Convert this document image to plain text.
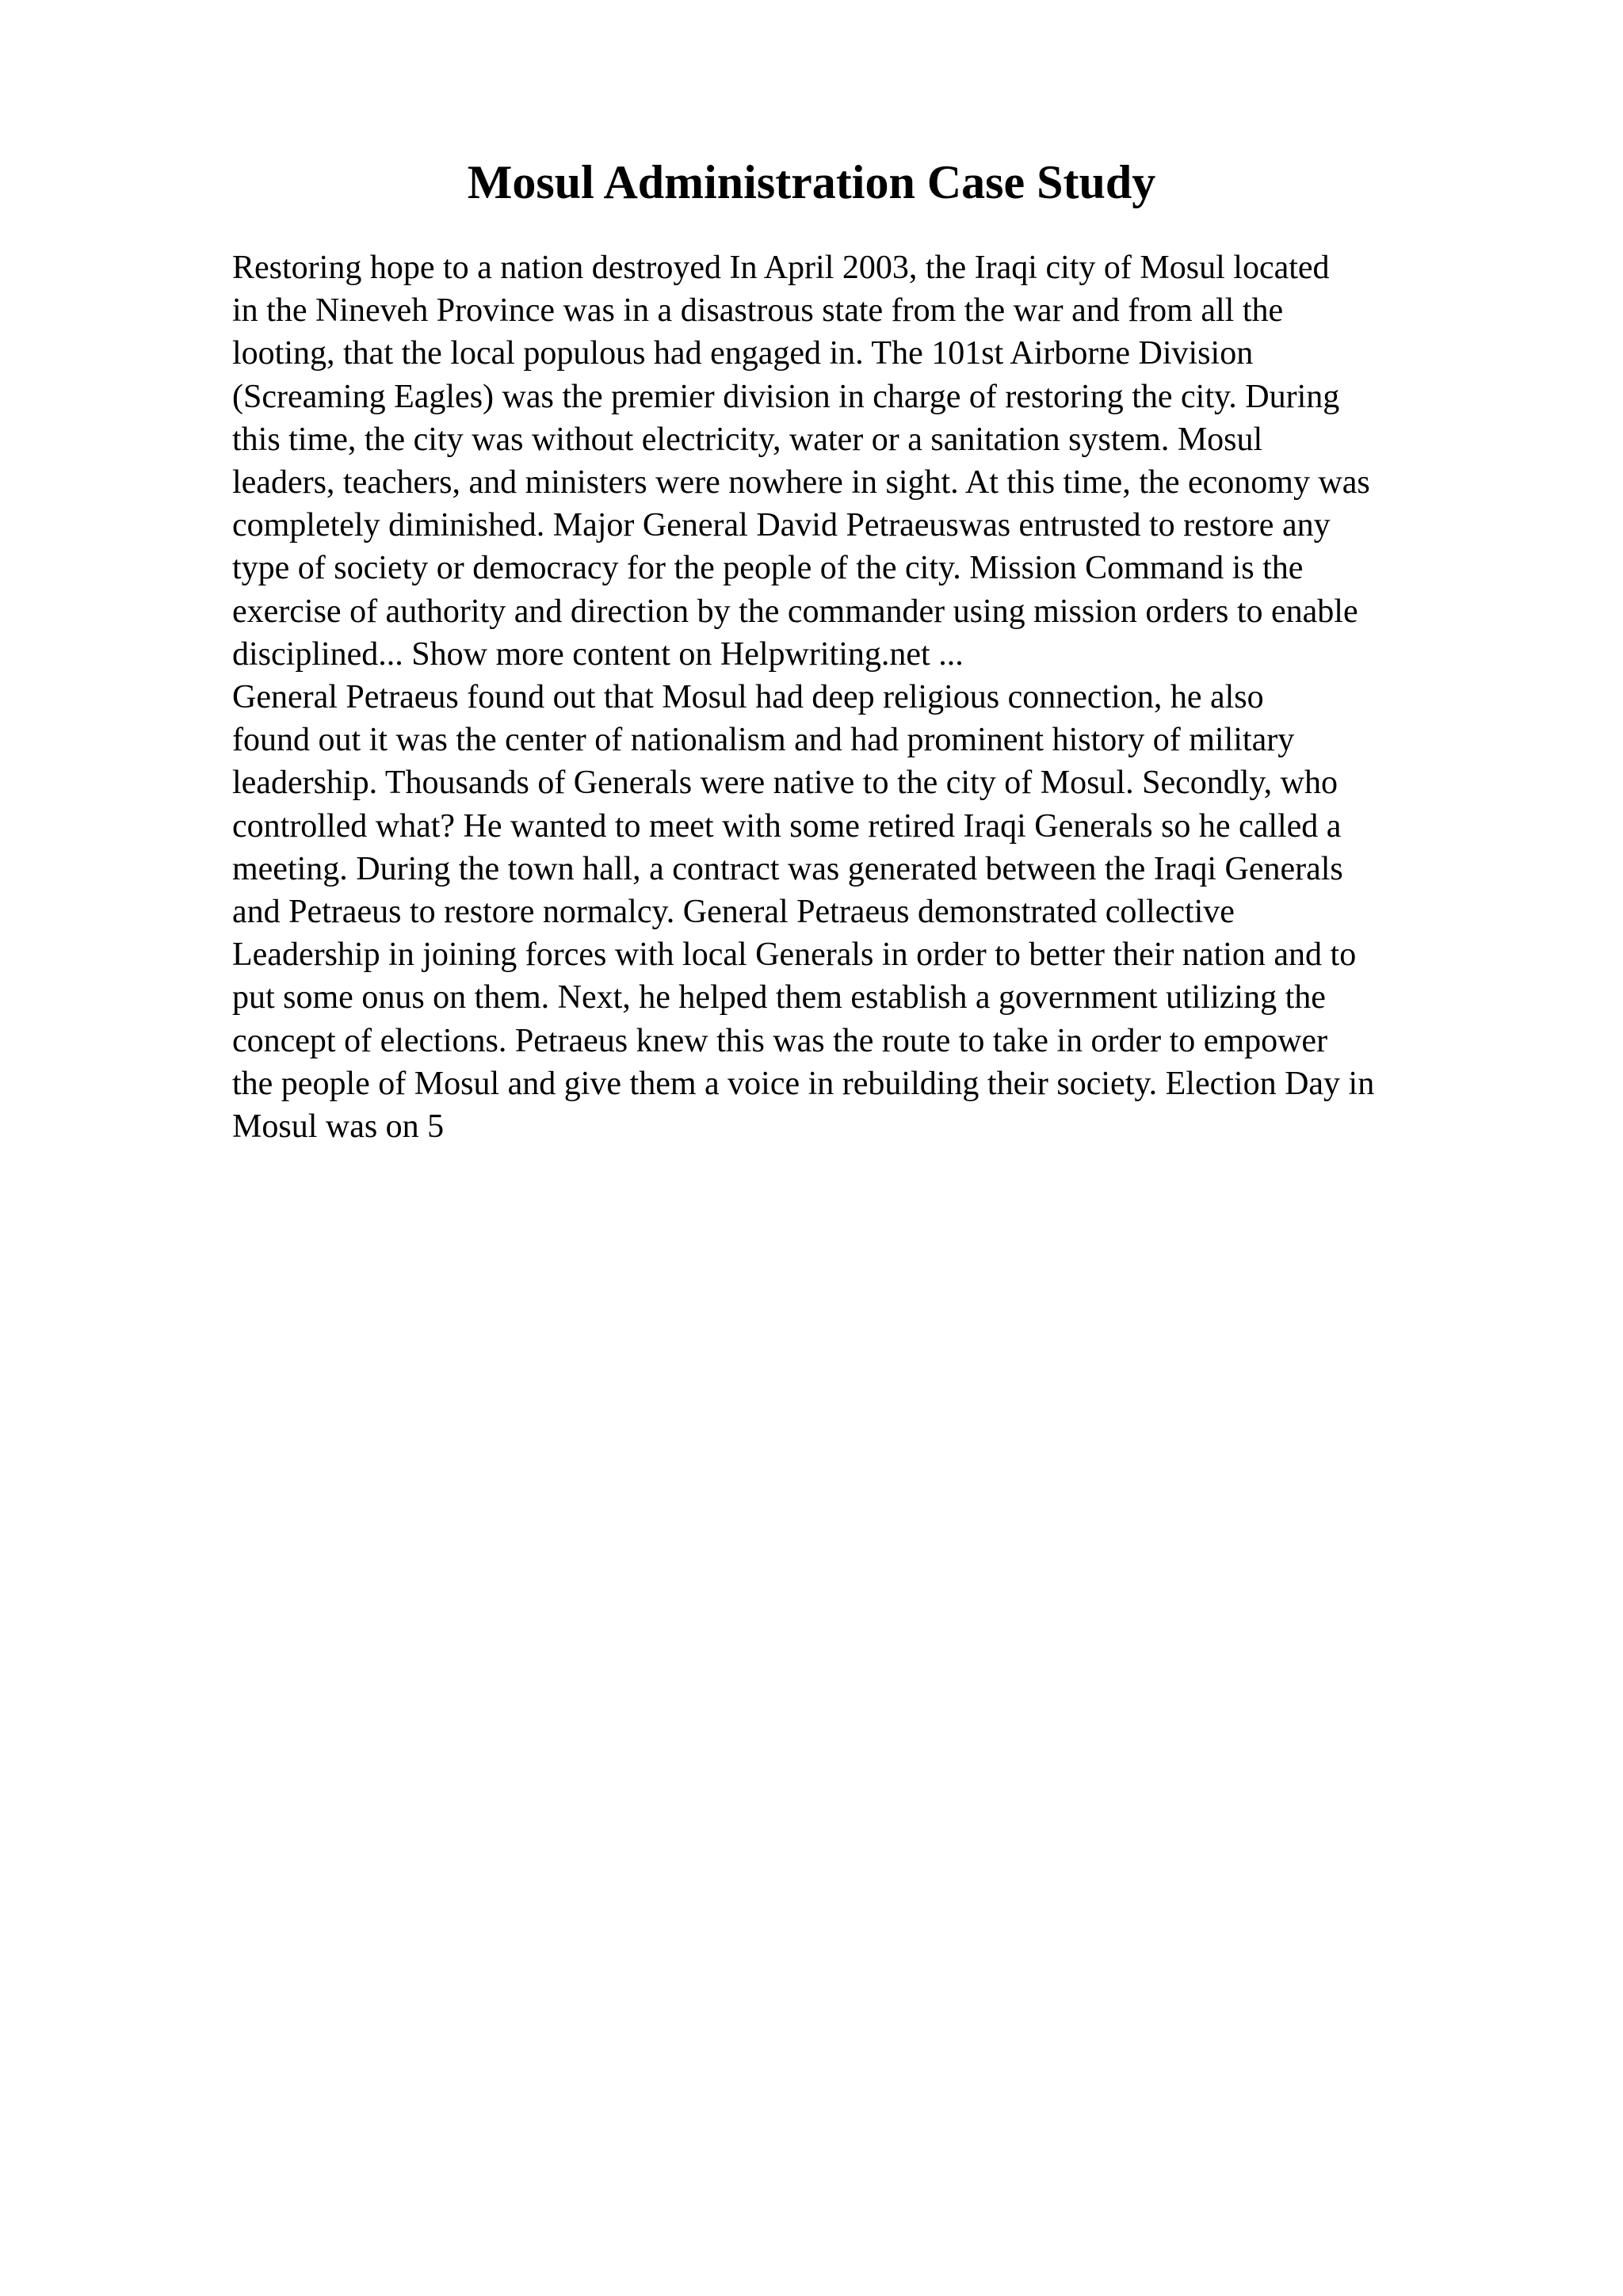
Mosul Administration Case Study
Restoring hope to a nation destroyed In April 2003, the Iraqi city of Mosul located
in the Nineveh Province was in a disastrous state from the war and from all the
looting, that the local populous had engaged in. The 101st Airborne Division
(Screaming Eagles) was the premier division in charge of restoring the city. During
this time, the city was without electricity, water or a sanitation system. Mosul
leaders, teachers, and ministers were nowhere in sight. At this time, the economy was
completely diminished. Major General David Petraeuswas entrusted to restore any
type of society or democracy for the people of the city. Mission Command is the
exercise of authority and direction by the commander using mission orders to enable
disciplined... Show more content on Helpwriting.net ...
General Petraeus found out that Mosul had deep religious connection, he also
found out it was the center of nationalism and had prominent history of military
leadership. Thousands of Generals were native to the city of Mosul. Secondly, who
controlled what? He wanted to meet with some retired Iraqi Generals so he called a
meeting. During the town hall, a contract was generated between the Iraqi Generals
and Petraeus to restore normalcy. General Petraeus demonstrated collective
Leadership in joining forces with local Generals in order to better their nation and to
put some onus on them. Next, he helped them establish a government utilizing the
concept of elections. Petraeus knew this was the route to take in order to empower
the people of Mosul and give them a voice in rebuilding their society. Election Day in
Mosul was on 5
